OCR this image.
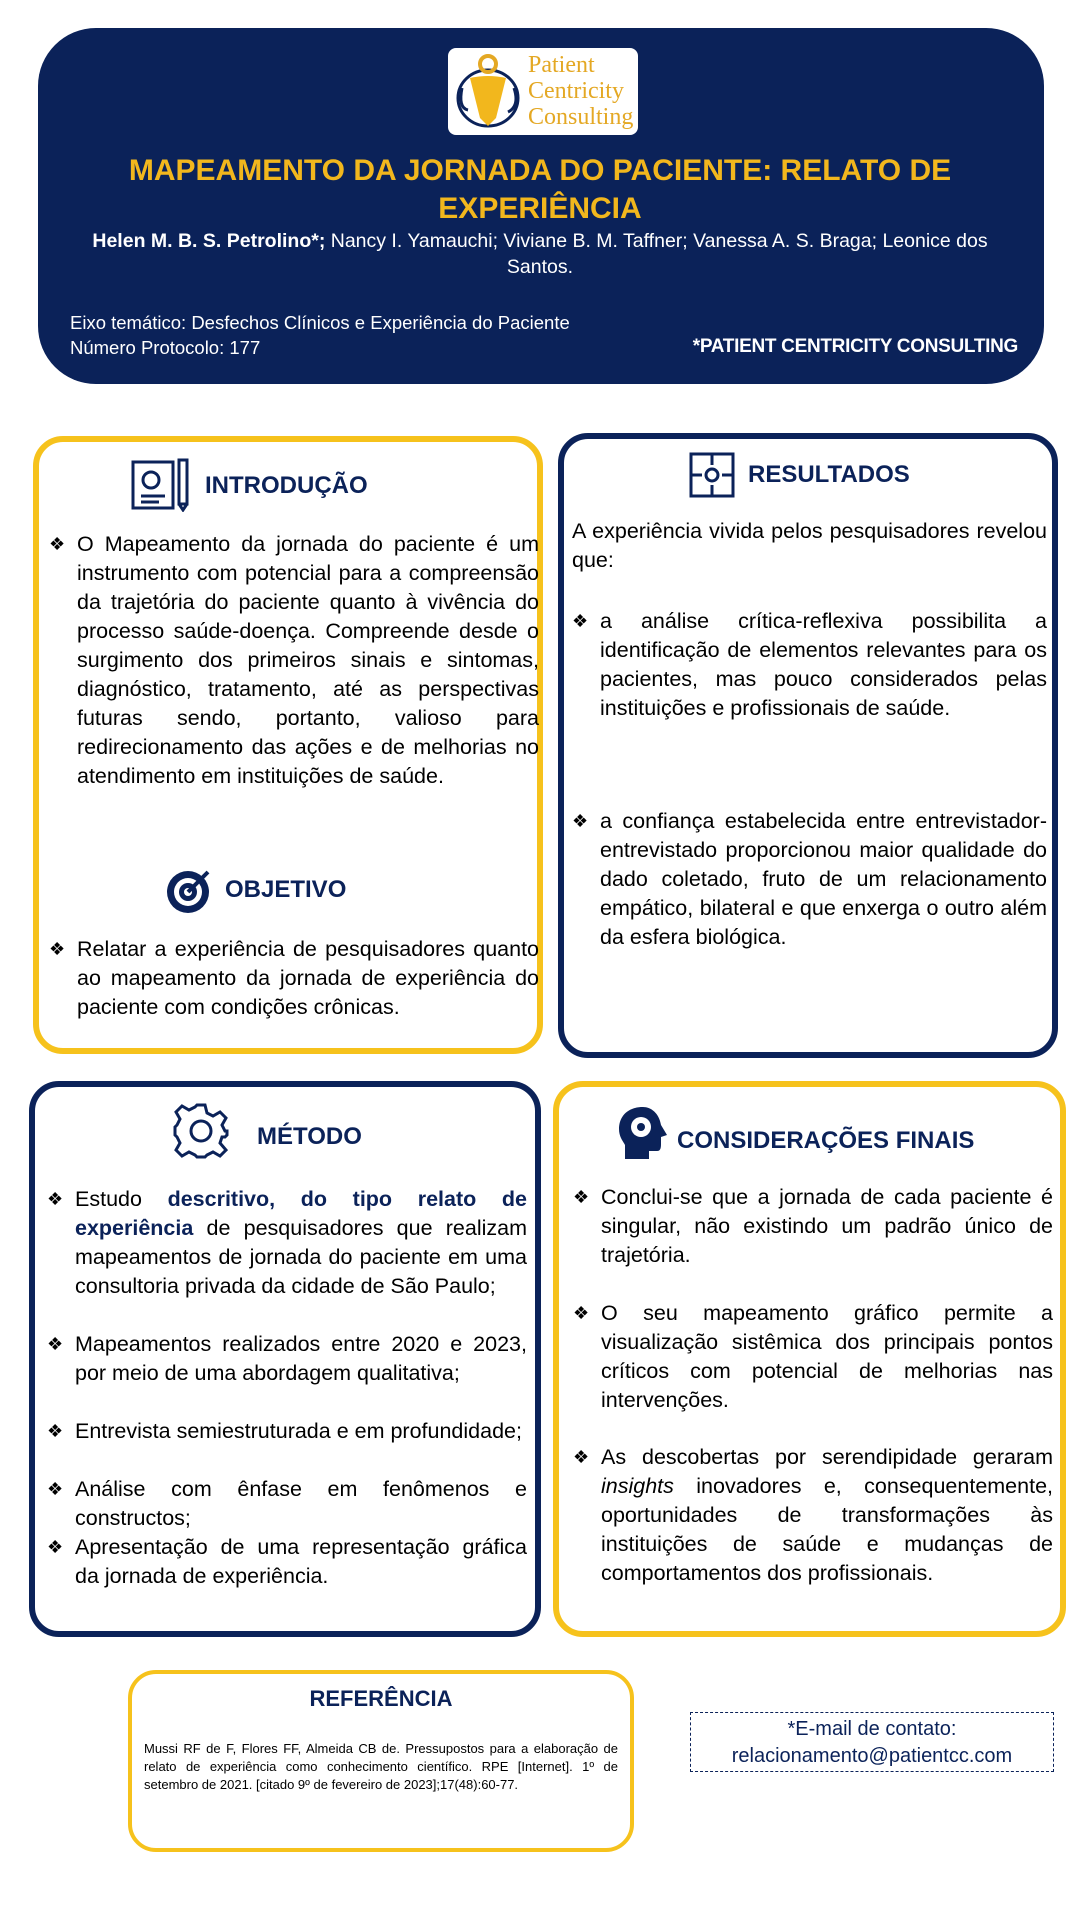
Patient
Centricity
Consulting
MAPEAMENTO DA JORNADA DO PACIENTE: RELATO DE EXPERIÊNCIA
Helen M. B. S. Petrolino*; Nancy I. Yamauchi; Viviane B. M. Taffner; Vanessa A. S. Braga; Leonice dos Santos.
Eixo temático: Desfechos Clínicos e Experiência do Paciente
Número Protocolo: 177	*PATIENT CENTRICITY CONSULTING
INTRODUÇÃO
❖ O Mapeamento da jornada do paciente é um instrumento com potencial para a compreensão da trajetória do paciente quanto à vivência do processo saúde-doença. Compreende desde o surgimento dos primeiros sinais e sintomas, diagnóstico, tratamento, até as perspectivas futuras sendo, portanto, valioso para redirecionamento das ações e de melhorias no atendimento em instituições de saúde.
OBJETIVO
❖ Relatar a experiência de pesquisadores quanto ao mapeamento da jornada de experiência do paciente com condições crônicas.
RESULTADOS
A experiência vivida pelos pesquisadores revelou que:
❖ a análise crítica-reflexiva possibilita a identificação de elementos relevantes para os pacientes, mas pouco considerados pelas instituições e profissionais de saúde.
❖ a confiança estabelecida entre entrevistador-entrevistado proporcionou maior qualidade do dado coletado, fruto de um relacionamento empático, bilateral e que enxerga o outro além da esfera biológica.
MÉTODO
❖ Estudo descritivo, do tipo relato de experiência de pesquisadores que realizam mapeamentos de jornada do paciente em uma consultoria privada da cidade de São Paulo;
❖ Mapeamentos realizados entre 2020 e 2023, por meio de uma abordagem qualitativa;
❖ Entrevista semiestruturada e em profundidade;
❖ Análise com ênfase em fenômenos e constructos;
❖ Apresentação de uma representação gráfica da jornada de experiência.
CONSIDERAÇÕES FINAIS
❖ Conclui-se que a jornada de cada paciente é singular, não existindo um padrão único de trajetória.
❖ O seu mapeamento gráfico permite a visualização sistêmica dos principais pontos críticos com potencial de melhorias nas intervenções.
❖ As descobertas por serendipidade geraram insights inovadores e, consequentemente, oportunidades de transformações às instituições de saúde e mudanças de comportamentos dos profissionais.
REFERÊNCIA
Mussi RF de F, Flores FF, Almeida CB de. Pressupostos para a elaboração de relato de experiência como conhecimento científico. RPE [Internet]. 1º de setembro de 2021. [citado 9º de fevereiro de 2023];17(48):60-77.
*E-mail de contato:
relacionamento@patientcc.com
